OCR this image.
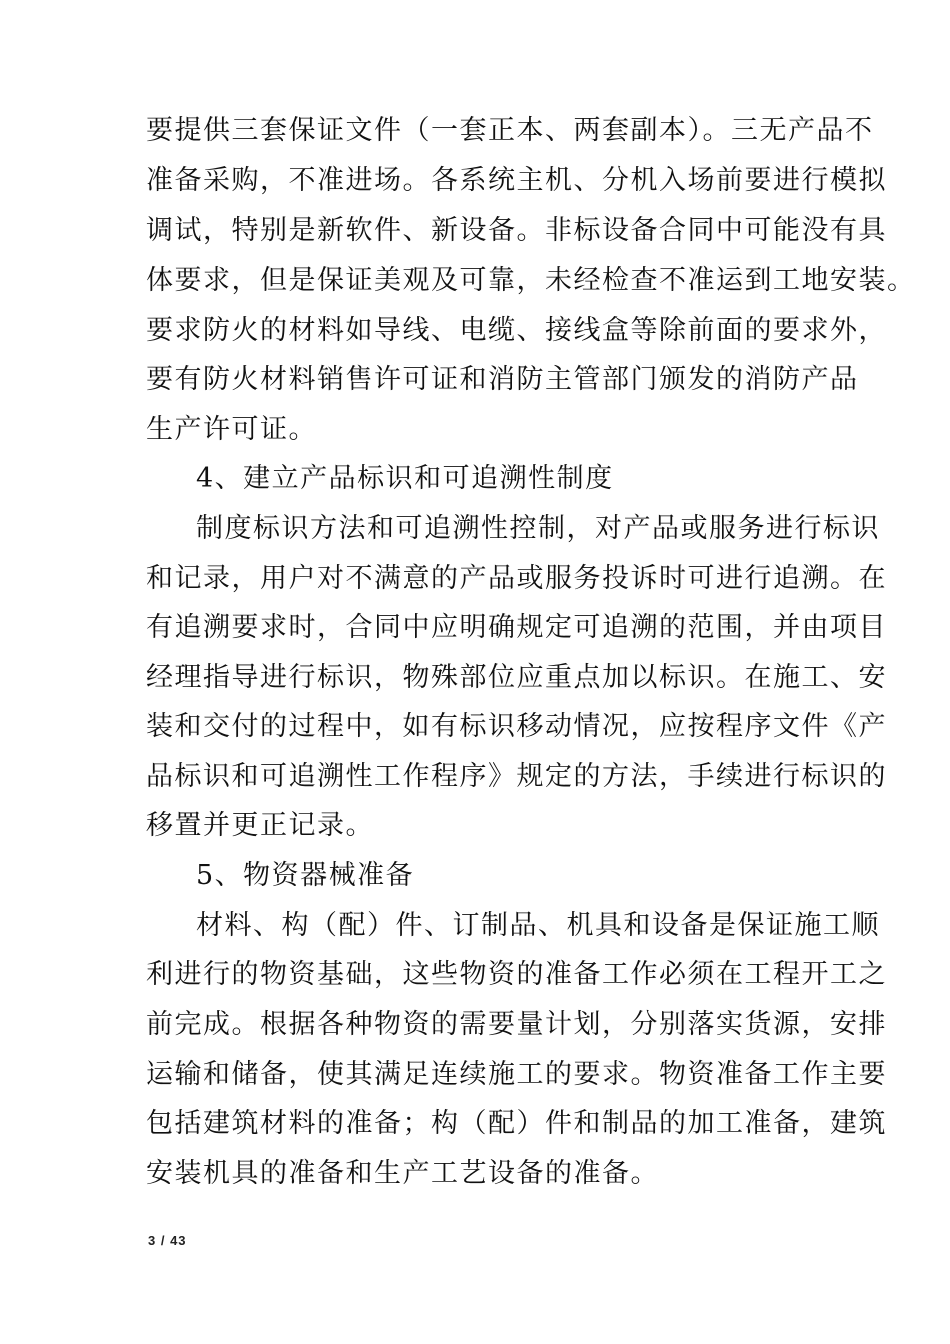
要提供三套保证文件（一套正本、两套副本）。三无产品不
准备采购，不准进场。各系统主机、分机入场前要进行模拟
调试，特别是新软件、新设备。非标设备合同中可能没有具
体要求，但是保证美观及可靠，未经检查不准运到工地安装。
要求防火的材料如导线、电缆、接线盒等除前面的要求外，
要有防火材料销售许可证和消防主管部门颁发的消防产品
生产许可证。
4、建立产品标识和可追溯性制度
制度标识方法和可追溯性控制，对产品或服务进行标识
和记录，用户对不满意的产品或服务投诉时可进行追溯。在
有追溯要求时，合同中应明确规定可追溯的范围，并由项目
经理指导进行标识，物殊部位应重点加以标识。在施工、安
装和交付的过程中，如有标识移动情况，应按程序文件《产
品标识和可追溯性工作程序》规定的方法，手续进行标识的
移置并更正记录。
5、物资器械准备
材料、构（配）件、订制品、机具和设备是保证施工顺
利进行的物资基础，这些物资的准备工作必须在工程开工之
前完成。根据各种物资的需要量计划，分别落实货源，安排
运输和储备，使其满足连续施工的要求。物资准备工作主要
包括建筑材料的准备；构（配）件和制品的加工准备，建筑
安装机具的准备和生产工艺设备的准备。
3 / 43
